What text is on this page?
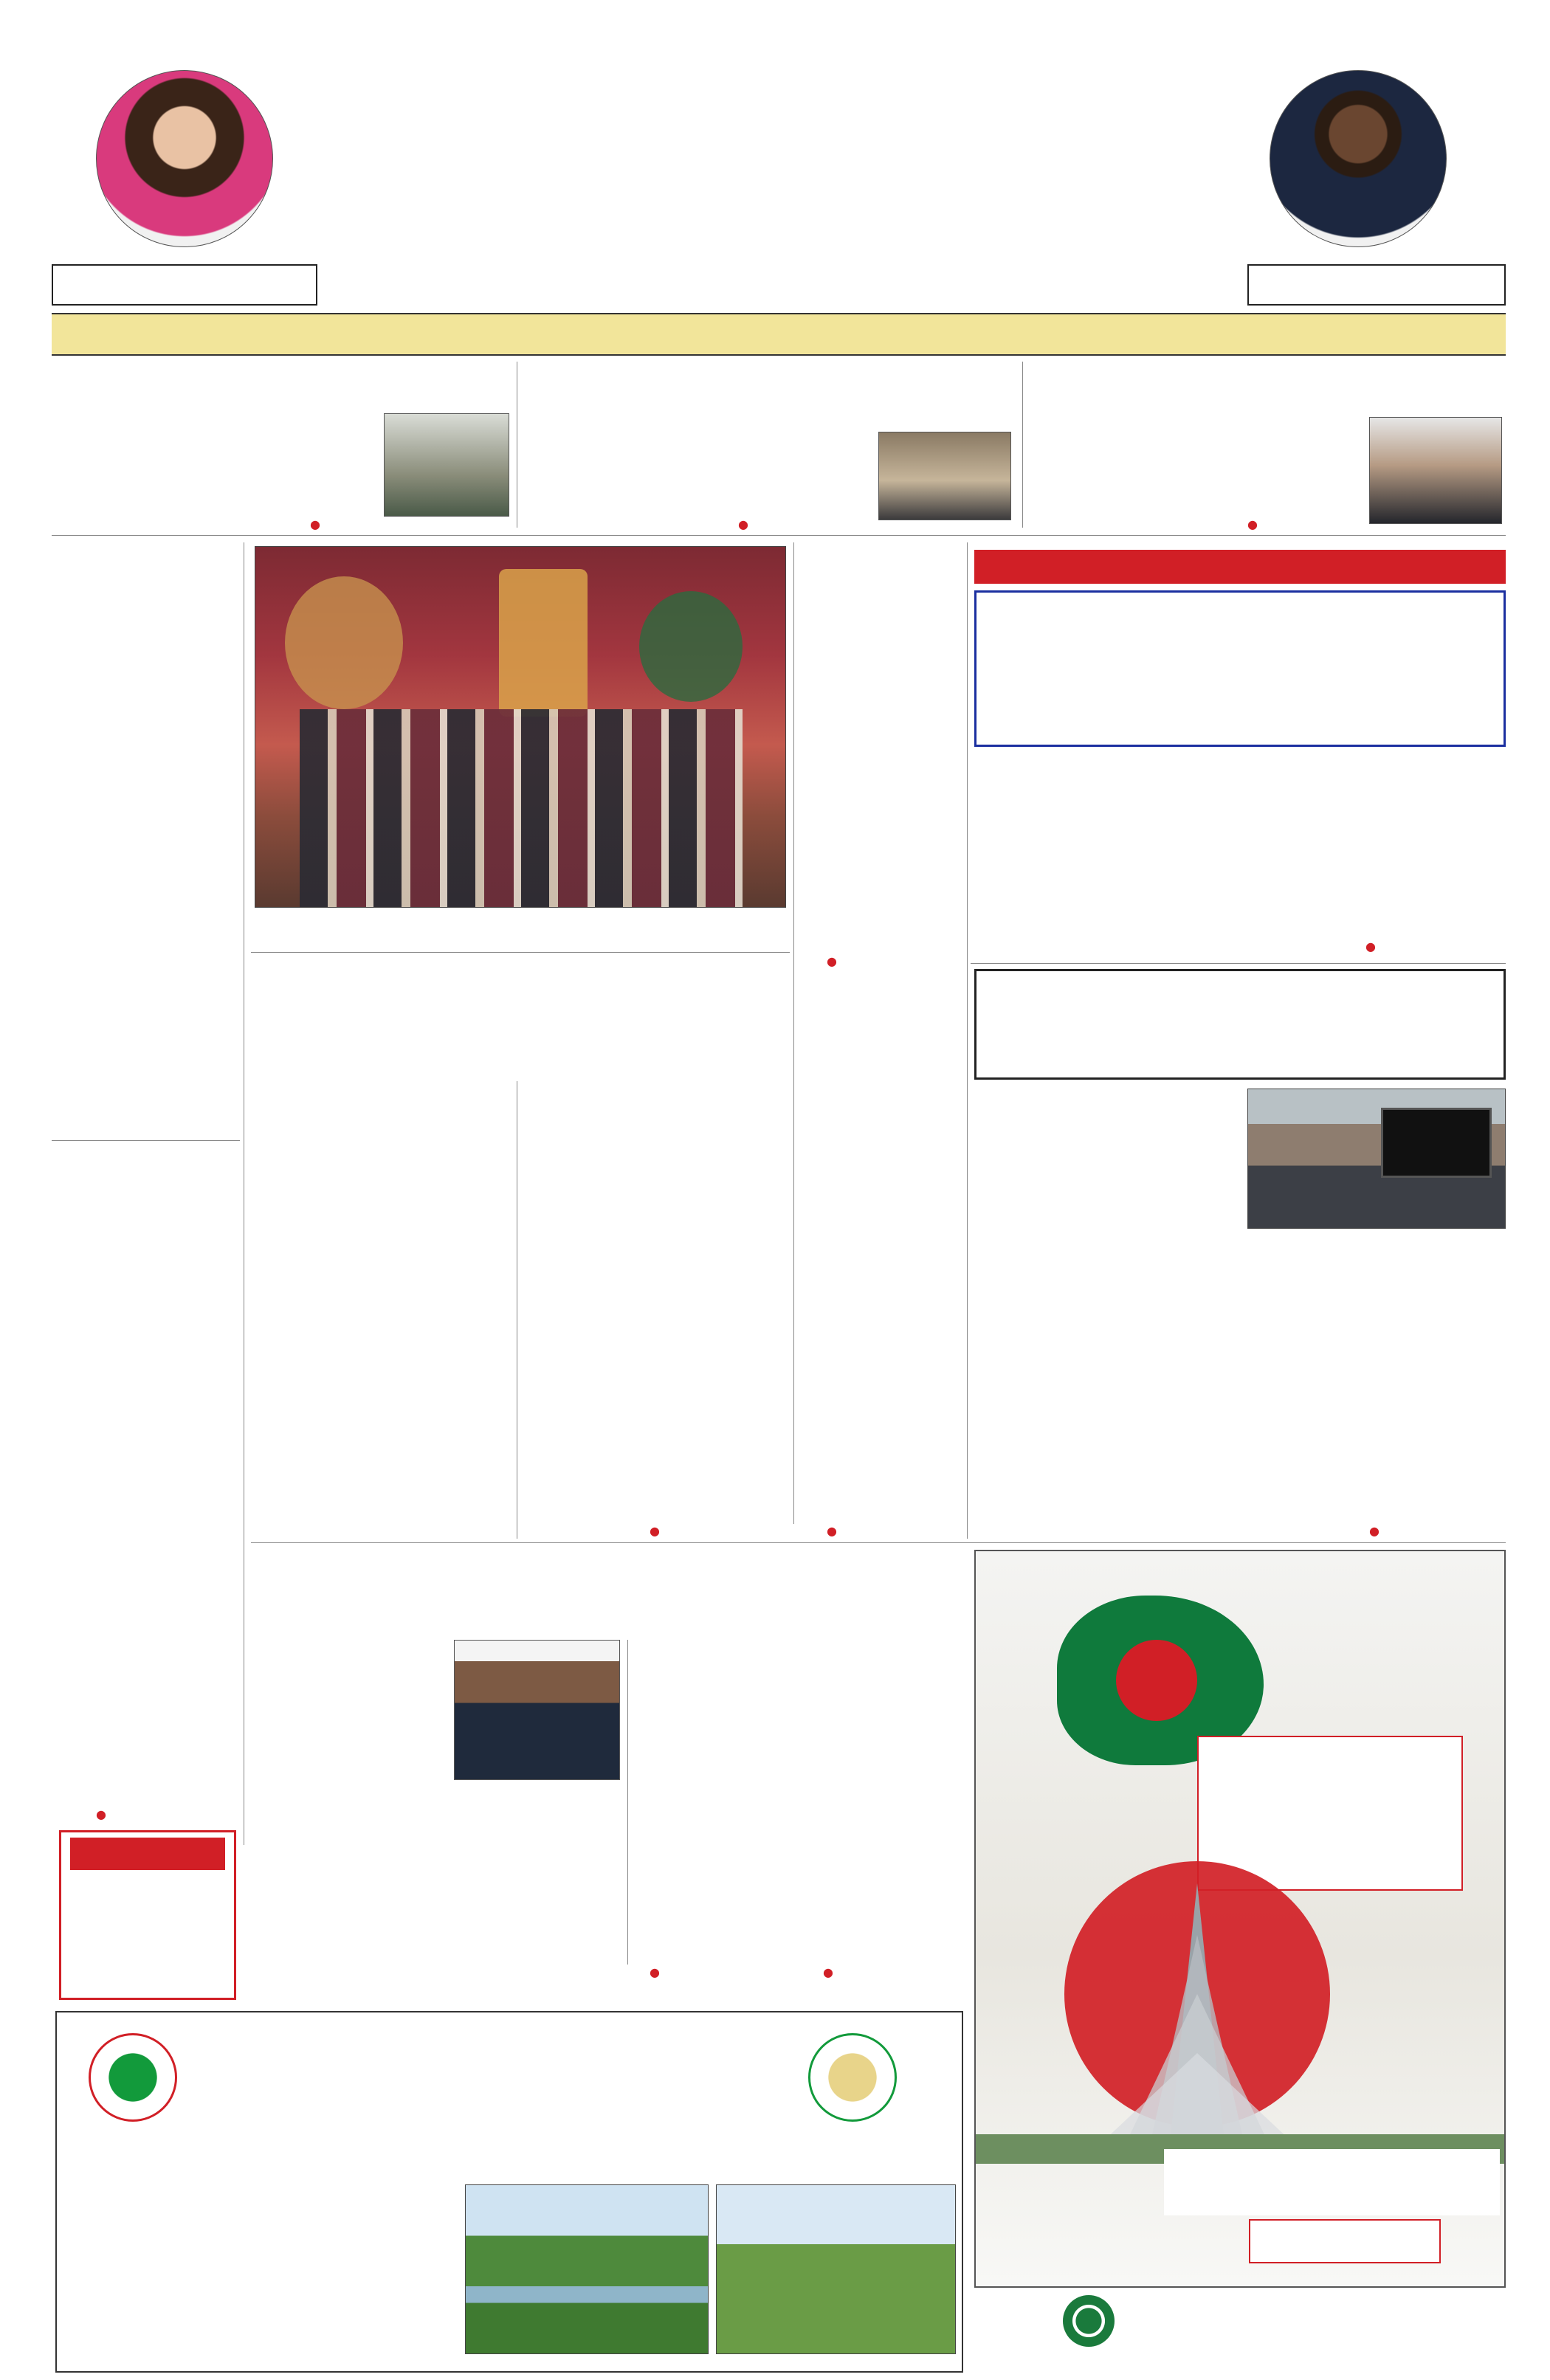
●	●	●
●
●
●
●
●
●
●	●
